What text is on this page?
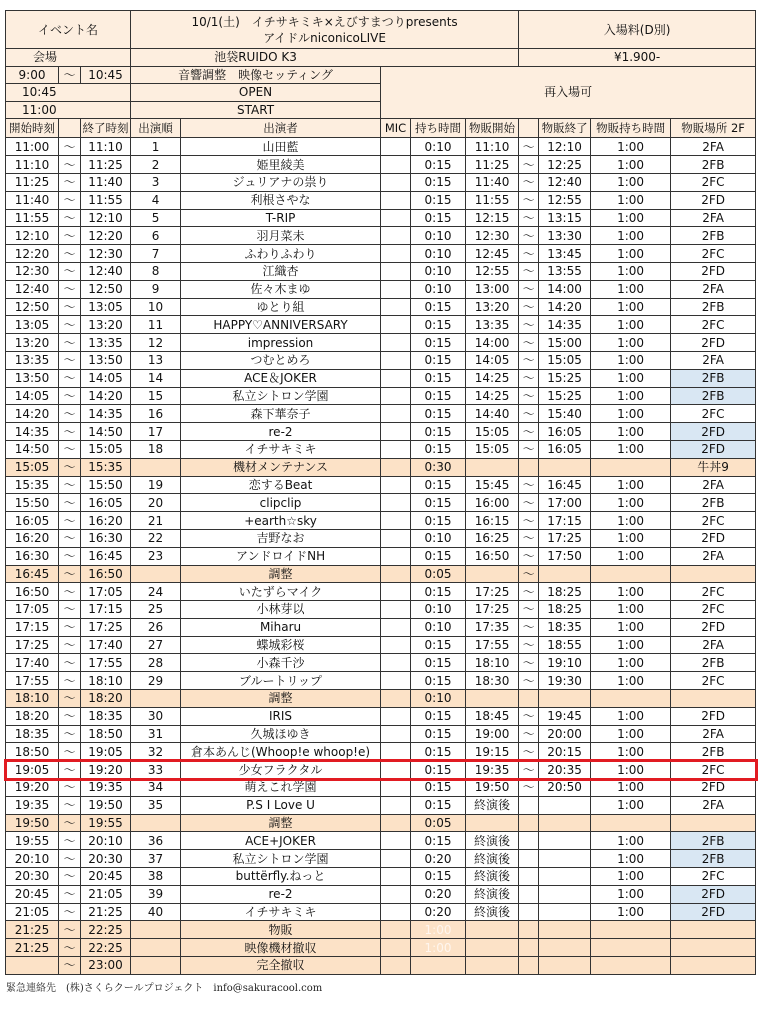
イベント名			10/1(土)　イチサキミキ×えびすまつりpresents
アイドルniconicoLIVE					入場料(D別)			
会場			池袋RUIDO K3					¥1.900-			
9:00	〜	10:45	音響調整　映像セッティング		再入場可						
10:45			OPEN								
11:00			START								
開始時刻		終了時刻	出演順	出演者	MIC	持ち時間	物販開始		物販終了	物販持ち時間	物販場所 2F
11:00	〜	11:10	1	山田藍		0:10	11:10	〜	12:10	1:00	2FA
11:10	〜	11:25	2	姫里綾美		0:15	11:25	〜	12:25	1:00	2FB
11:25	〜	11:40	3	ジュリアナの祟り		0:15	11:40	〜	12:40	1:00	2FC
11:40	〜	11:55	4	利根さやな		0:15	11:55	〜	12:55	1:00	2FD
11:55	〜	12:10	5	T-RIP		0:15	12:15	〜	13:15	1:00	2FA
12:10	〜	12:20	6	羽月菜未		0:10	12:30	〜	13:30	1:00	2FB
12:20	〜	12:30	7	ふわりふわり		0:10	12:45	〜	13:45	1:00	2FC
12:30	〜	12:40	8	江織杏		0:10	12:55	〜	13:55	1:00	2FD
12:40	〜	12:50	9	佐々木まゆ		0:10	13:00	〜	14:00	1:00	2FA
12:50	〜	13:05	10	ゆとり組		0:15	13:20	〜	14:20	1:00	2FB
13:05	〜	13:20	11	HAPPY♡ANNIVERSARY		0:15	13:35	〜	14:35	1:00	2FC
13:20	〜	13:35	12	impression		0:15	14:00	〜	15:00	1:00	2FD
13:35	〜	13:50	13	つむとめろ		0:15	14:05	〜	15:05	1:00	2FA
13:50	〜	14:05	14	ACE＆JOKER		0:15	14:25	〜	15:25	1:00	2FB
14:05	〜	14:20	15	私立シトロン学園		0:15	14:25	〜	15:25	1:00	2FB
14:20	〜	14:35	16	森下華奈子		0:15	14:40	〜	15:40	1:00	2FC
14:35	〜	14:50	17	re-2		0:15	15:05	〜	16:05	1:00	2FD
14:50	〜	15:05	18	イチサキミキ		0:15	15:05	〜	16:05	1:00	2FD
15:05	〜	15:35		機材メンテナンス		0:30					牛丼9
15:35	〜	15:50	19	恋するBeat		0:15	15:45	〜	16:45	1:00	2FA
15:50	〜	16:05	20	clipclip		0:15	16:00	〜	17:00	1:00	2FB
16:05	〜	16:20	21	+earth☆sky		0:15	16:15	〜	17:15	1:00	2FC
16:20	〜	16:30	22	吉野なお		0:10	16:25	〜	17:25	1:00	2FD
16:30	〜	16:45	23	アンドロイドNH		0:15	16:50	〜	17:50	1:00	2FA
16:45	〜	16:50		調整		0:05		〜			
16:50	〜	17:05	24	いたずらマイク		0:15	17:25	〜	18:25	1:00	2FC
17:05	〜	17:15	25	小林芽以		0:10	17:25	〜	18:25	1:00	2FC
17:15	〜	17:25	26	Miharu		0:10	17:35	〜	18:35	1:00	2FD
17:25	〜	17:40	27	蝶城彩桜		0:15	17:55	〜	18:55	1:00	2FA
17:40	〜	17:55	28	小森千沙		0:15	18:10	〜	19:10	1:00	2FB
17:55	〜	18:10	29	ブルートリップ		0:15	18:30	〜	19:30	1:00	2FC
18:10	〜	18:20		調整		0:10					
18:20	〜	18:35	30	IRIS		0:15	18:45	〜	19:45	1:00	2FD
18:35	〜	18:50	31	久城ほゆき		0:15	19:00	〜	20:00	1:00	2FA
18:50	〜	19:05	32	倉本あんじ(Whoop!e whoop!e)		0:15	19:15	〜	20:15	1:00	2FB
19:05	〜	19:20	33	少女フラクタル		0:15	19:35	〜	20:35	1:00	2FC
19:20	〜	19:35	34	萌えこれ学園		0:15	19:50	〜	20:50	1:00	2FD
19:35	〜	19:50	35	P.S I Love U		0:15	終演後			1:00	2FA
19:50	〜	19:55		調整		0:05					
19:55	〜	20:10	36	ACE+JOKER		0:15	終演後			1:00	2FB
20:10	〜	20:30	37	私立シトロン学園		0:20	終演後			1:00	2FB
20:30	〜	20:45	38	buttërfly.ねっと		0:15	終演後			1:00	2FC
20:45	〜	21:05	39	re-2		0:20	終演後			1:00	2FD
21:05	〜	21:25	40	イチサキミキ		0:20	終演後			1:00	2FD
21:25	〜	22:25		物販		1:00					
21:25	〜	22:25		映像機材撤収		1:00					
	〜	23:00		完全撤収							
緊急連絡先　(株)さくらクールプロジェクト　info@sakuracool.com
